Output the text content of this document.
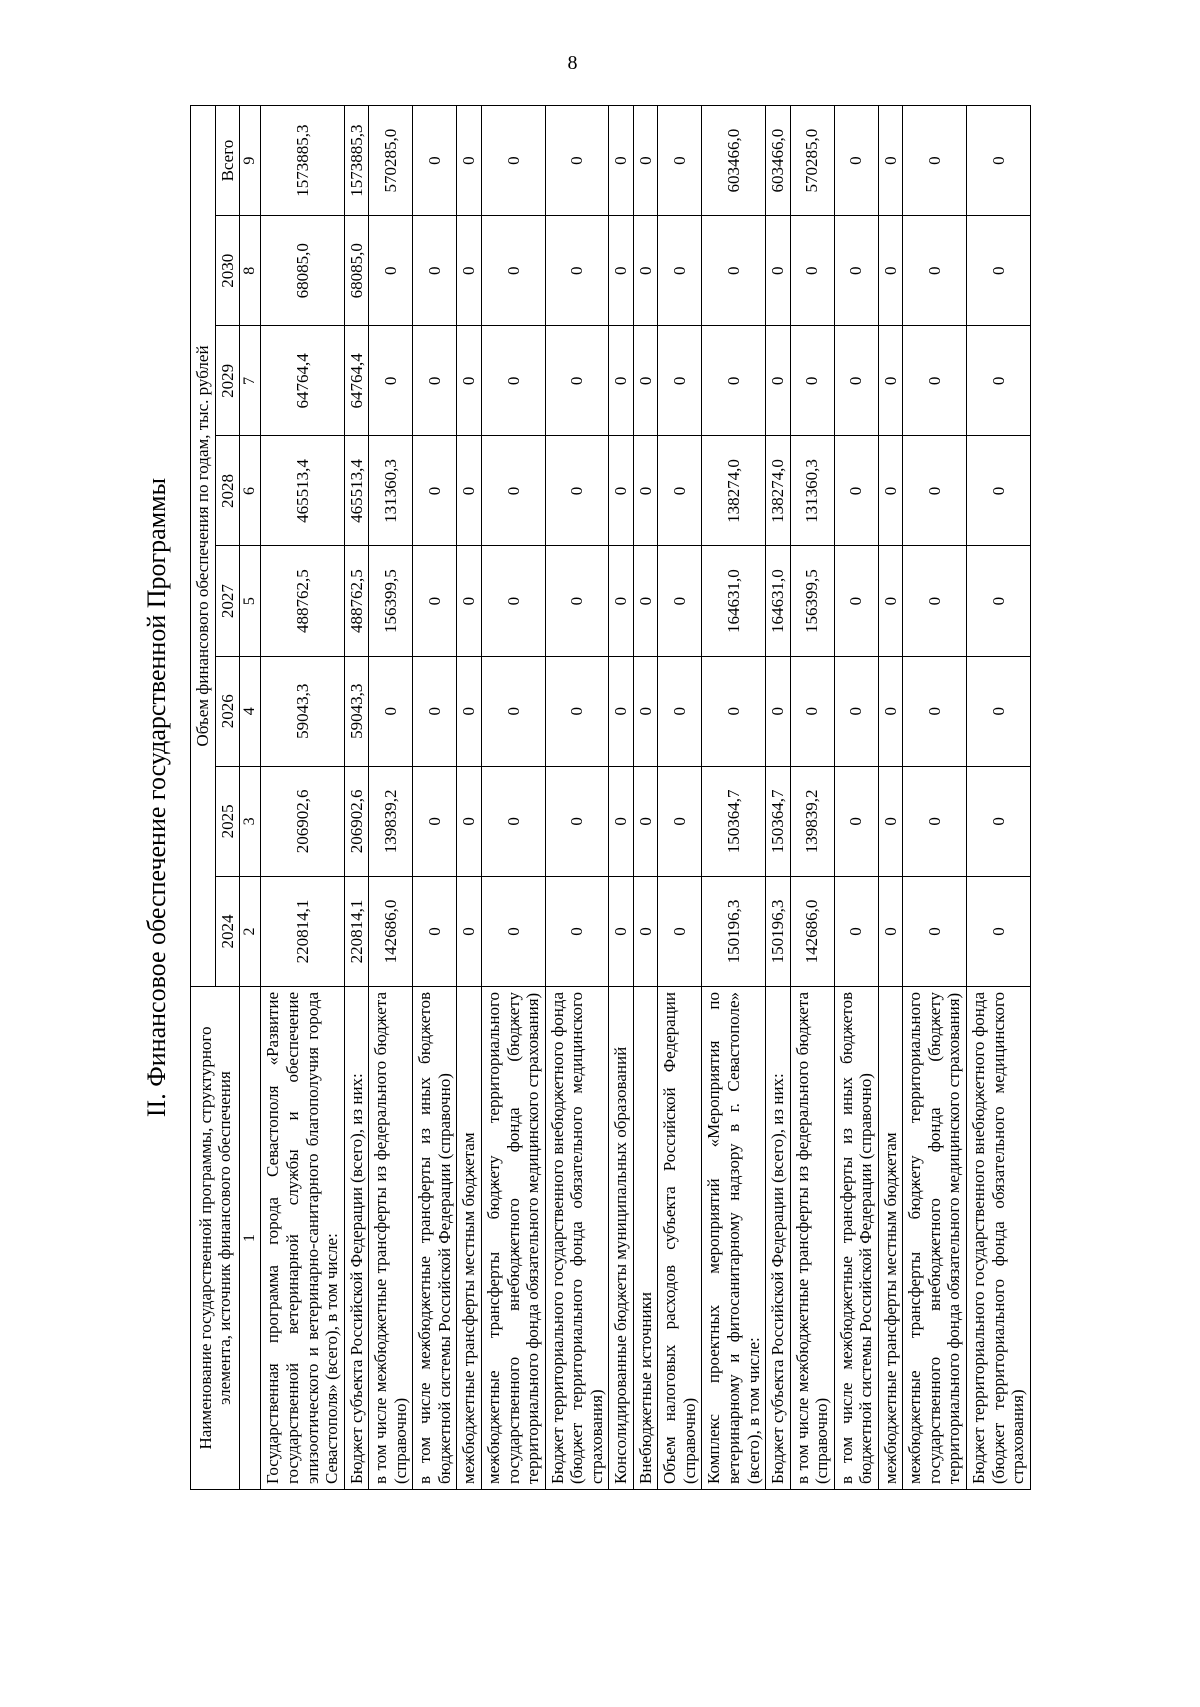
8
II. Финансовое обеспечение государственной Программы
Наименование государственной программы, структурного элемента, источник финансового обеспечения	Объем финансового обеспечения по годам, тыс. рублей							
	2024	2025	2026	2027	2028	2029	2030	Всего
1	2	3	4	5	6	7	8	9
Государственная программа города Севастополя «Развитие государственной ветеринарной службы и обеспечение эпизоотического и ветеринарно-санитарного благополучия города Севастополя» (всего), в том числе:	220814,1	206902,6	59043,3	488762,5	465513,4	64764,4	68085,0	1573885,3
Бюджет субъекта Российской Федерации (всего), из них:	220814,1	206902,6	59043,3	488762,5	465513,4	64764,4	68085,0	1573885,3
в том числе межбюджетные трансферты из федерального бюджета (справочно)	142686,0	139839,2	0	156399,5	131360,3	0	0	570285,0
в том числе межбюджетные трансферты из иных бюджетов бюджетной системы Российской Федерации (справочно)	0	0	0	0	0	0	0	0
межбюджетные трансферты местным бюджетам	0	0	0	0	0	0	0	0
межбюджетные трансферты бюджету территориального государственного внебюджетного фонда (бюджету территориального фонда обязательного медицинского страхования)	0	0	0	0	0	0	0	0
Бюджет территориального государственного внебюджетного фонда (бюджет территориального фонда обязательного медицинского страхования)	0	0	0	0	0	0	0	0
Консолидированные бюджеты муниципальных образований	0	0	0	0	0	0	0	0
Внебюджетные источники	0	0	0	0	0	0	0	0
Объем налоговых расходов субъекта Российской Федерации (справочно)	0	0	0	0	0	0	0	0
Комплекс проектных мероприятий «Мероприятия по ветеринарному и фитосанитарному надзору в г. Севастополе» (всего), в том числе:	150196,3	150364,7	0	164631,0	138274,0	0	0	603466,0
Бюджет субъекта Российской Федерации (всего), из них:	150196,3	150364,7	0	164631,0	138274,0	0	0	603466,0
в том числе межбюджетные трансферты из федерального бюджета (справочно)	142686,0	139839,2	0	156399,5	131360,3	0	0	570285,0
в том числе межбюджетные трансферты из иных бюджетов бюджетной системы Российской Федерации (справочно)	0	0	0	0	0	0	0	0
межбюджетные трансферты местным бюджетам	0	0	0	0	0	0	0	0
межбюджетные трансферты бюджету территориального государственного внебюджетного фонда (бюджету территориального фонда обязательного медицинского страхования)	0	0	0	0	0	0	0	0
Бюджет территориального государственного внебюджетного фонда (бюджет территориального фонда обязательного медицинского страхования)	0	0	0	0	0	0	0	0
